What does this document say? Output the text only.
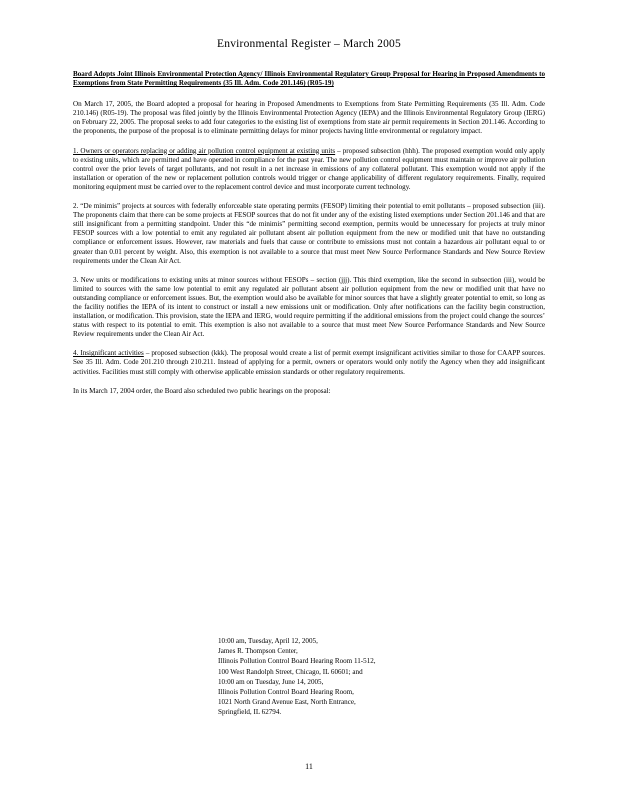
Environmental Register – March 2005
Board Adopts Joint Illinois Environmental Protection Agency/ Illinois Environmental Regulatory Group Proposal for Hearing in Proposed Amendments to Exemptions from State Permitting Requirements (35 Ill. Adm. Code 201.146) (R05-19)

On March 17, 2005, the Board adopted a proposal for hearing in Proposed Amendments to Exemptions from State Permitting Requirements (35 Ill. Adm. Code 210.146) (R05-19). The proposal was filed jointly by the Illinois Environmental Protection Agency (IEPA) and the Illinois Environmental Regulatory Group (IERG) on February 22, 2005. The proposal seeks to add four categories to the existing list of exemptions from state air permit requirements in Section 201.146. According to the proponents, the purpose of the proposal is to eliminate permitting delays for minor projects having little environmental or regulatory impact.

1. Owners or operators replacing or adding air pollution control equipment at existing units – proposed subsection (hhh). The proposed exemption would only apply to existing units, which are permitted and have operated in compliance for the past year. The new pollution control equipment must maintain or improve air pollution control over the prior levels of target pollutants, and not result in a net increase in emissions of any collateral pollutant. This exemption would not apply if the installation or operation of the new or replacement pollution controls would trigger or change applicability of different regulatory requirements. Finally, required monitoring equipment must be carried over to the replacement control device and must incorporate current technology.

2. “De minimis” projects at sources with federally enforceable state operating permits (FESOP) limiting their potential to emit pollutants – proposed subsection (iii). The proponents claim that there can be some projects at FESOP sources that do not fit under any of the existing listed exemptions under Section 201.146 and that are still insignificant from a permitting standpoint. Under this “de minimis” permitting second exemption, permits would be unnecessary for projects at truly minor FESOP sources with a low potential to emit any regulated air pollutant absent air pollution equipment from the new or modified unit that have no outstanding compliance or enforcement issues. However, raw materials and fuels that cause or contribute to emissions must not contain a hazardous air pollutant equal to or greater than 0.01 percent by weight. Also, this exemption is not available to a source that must meet New Source Performance Standards and New Source Review requirements under the Clean Air Act.

3. New units or modifications to existing units at minor sources without FESOPs – section (jjj). This third exemption, like the second in subsection (iii), would be limited to sources with the same low potential to emit any regulated air pollutant absent air pollution equipment from the new or modified unit that have no outstanding compliance or enforcement issues. But, the exemption would also be available for minor sources that have a slightly greater potential to emit, so long as the facility notifies the IEPA of its intent to construct or install a new emissions unit or modification. Only after notifications can the facility begin construction, installation, or modification. This provision, state the IEPA and IERG, would require permitting if the additional emissions from the project could change the sources’ status with respect to its potential to emit. This exemption is also not available to a source that must meet New Source Performance Standards and New Source Review requirements under the Clean Air Act.

4. Insignificant activities – proposed subsection (kkk). The proposal would create a list of permit exempt insignificant activities similar to those for CAAPP sources. See 35 Ill. Adm. Code 201.210 through 210.211. Instead of applying for a permit, owners or operators would only notify the Agency when they add insignificant activities. Facilities must still comply with otherwise applicable emission standards or other regulatory requirements.

In its March 17, 2004 order, the Board also scheduled two public hearings on the proposal:

10:00 am, Tuesday, April 12, 2005,
James R. Thompson Center,
Illinois Pollution Control Board Hearing Room 11-512,
100 West Randolph Street, Chicago, IL 60601; and
10:00 am on Tuesday, June 14, 2005,
Illinois Pollution Control Board Hearing Room,
1021 North Grand Avenue East, North Entrance,
Springfield, IL 62794.
11
